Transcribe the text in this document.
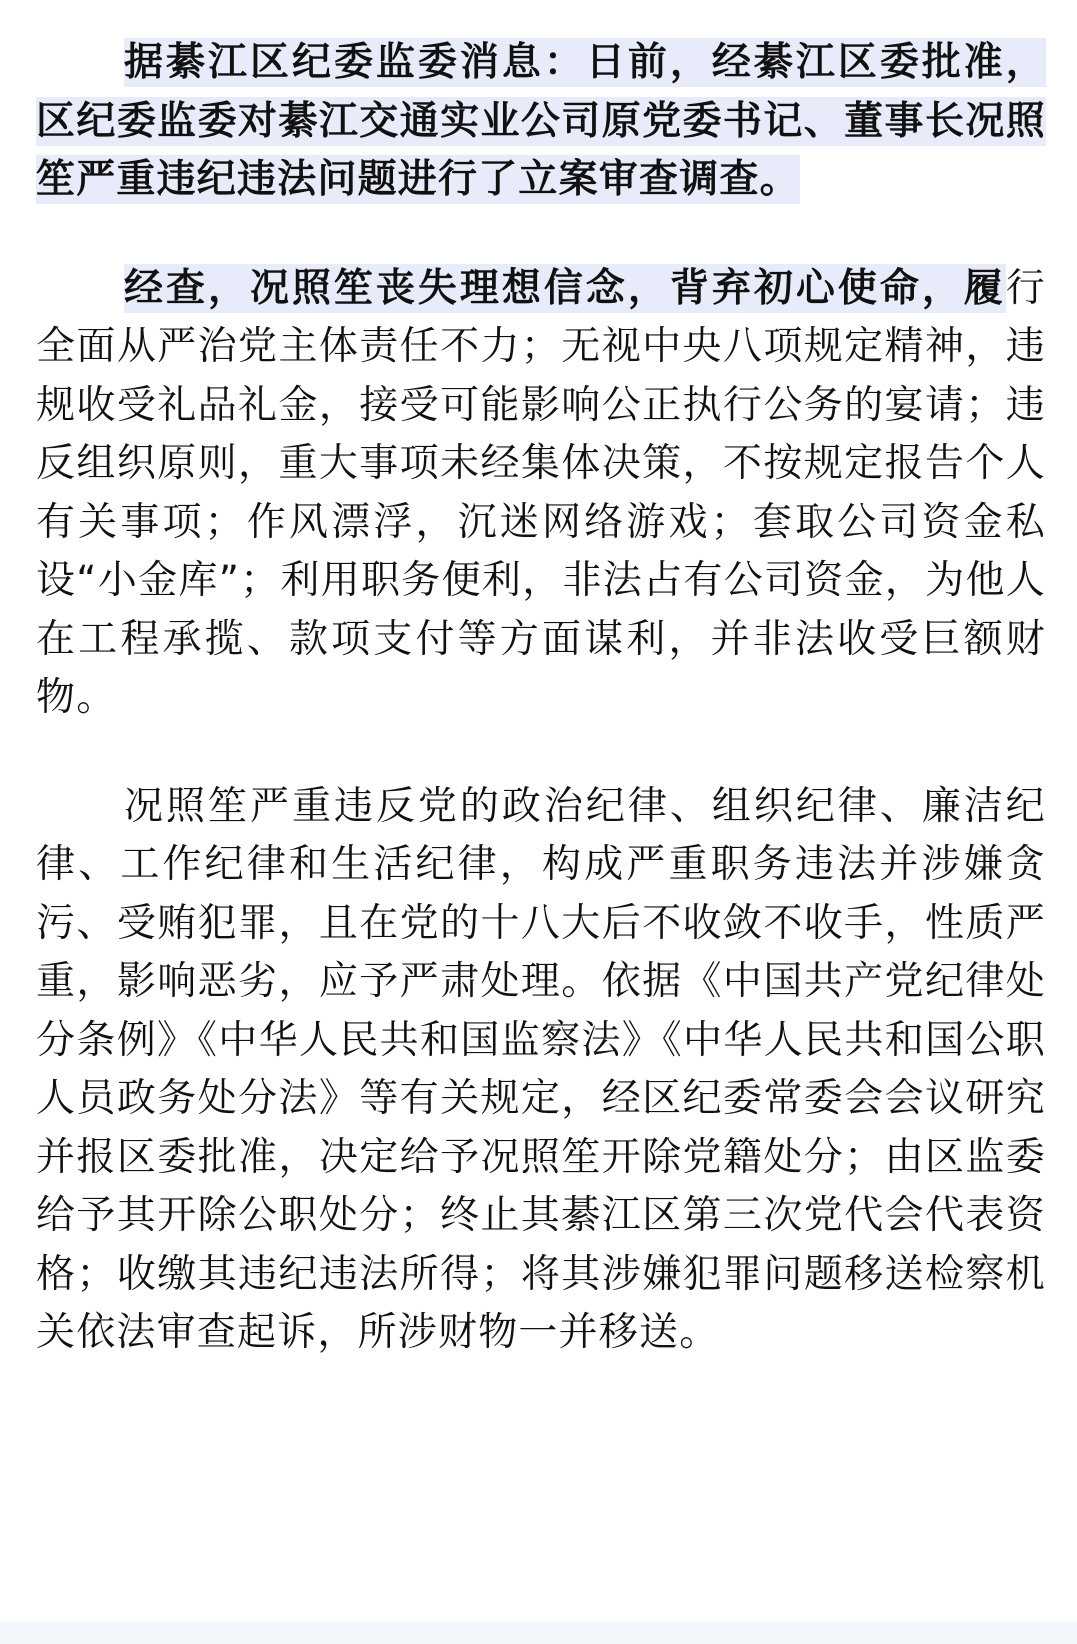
据綦江区纪委监委消息：日前，经綦江区委批准，区纪委监委对綦江交通实业公司原党委书记、董事长况照笙严重违纪违法问题进行了立案审查调查。

经查，况照笙丧失理想信念，背弃初心使命，履行全面从严治党主体责任不力；无视中央八项规定精神，违规收受礼品礼金，接受可能影响公正执行公务的宴请；违反组织原则，重大事项未经集体决策，不按规定报告个人有关事项；作风漂浮，沉迷网络游戏；套取公司资金私设“小金库”；利用职务便利，非法占有公司资金，为他人在工程承揽、款项支付等方面谋利，并非法收受巨额财物。

况照笙严重违反党的政治纪律、组织纪律、廉洁纪律、工作纪律和生活纪律，构成严重职务违法并涉嫌贪污、受贿犯罪，且在党的十八大后不收敛不收手，性质严重，影响恶劣，应予严肃处理。依据《中国共产党纪律处分条例》《中华人民共和国监察法》《中华人民共和国公职人员政务处分法》等有关规定，经区纪委常委会会议研究并报区委批准，决定给予况照笙开除党籍处分；由区监委给予其开除公职处分；终止其綦江区第三次党代会代表资格；收缴其违纪违法所得；将其涉嫌犯罪问题移送检察机关依法审查起诉，所涉财物一并移送。
